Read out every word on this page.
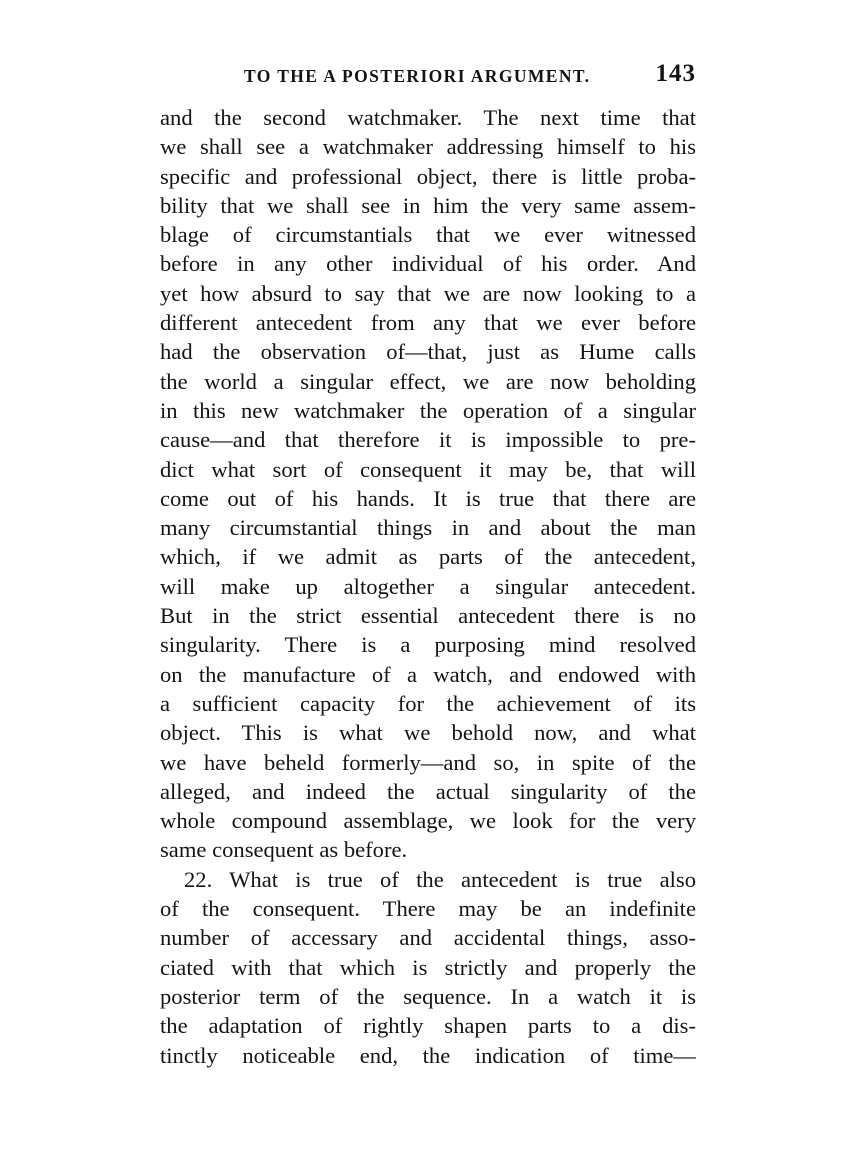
TO THE A POSTERIORI ARGUMENT.	143
and the second watchmaker. The next time that
we shall see a watchmaker addressing himself to his
specific and professional object, there is little proba-
bility that we shall see in him the very same assem-
blage of circumstantials that we ever witnessed
before in any other individual of his order. And
yet how absurd to say that we are now looking to a
different antecedent from any that we ever before
had the observation of—that, just as Hume calls
the world a singular effect, we are now beholding
in this new watchmaker the operation of a singular
cause—and that therefore it is impossible to pre-
dict what sort of consequent it may be, that will
come out of his hands. It is true that there are
many circumstantial things in and about the man
which, if we admit as parts of the antecedent,
will make up altogether a singular antecedent.
But in the strict essential antecedent there is no
singularity. There is a purposing mind resolved
on the manufacture of a watch, and endowed with
a sufficient capacity for the achievement of its
object. This is what we behold now, and what
we have beheld formerly—and so, in spite of the
alleged, and indeed the actual singularity of the
whole compound assemblage, we look for the very
same consequent as before.
22. What is true of the antecedent is true also
of the consequent. There may be an indefinite
number of accessary and accidental things, asso-
ciated with that which is strictly and properly the
posterior term of the sequence. In a watch it is
the adaptation of rightly shapen parts to a dis-
tinctly noticeable end, the indication of time—
